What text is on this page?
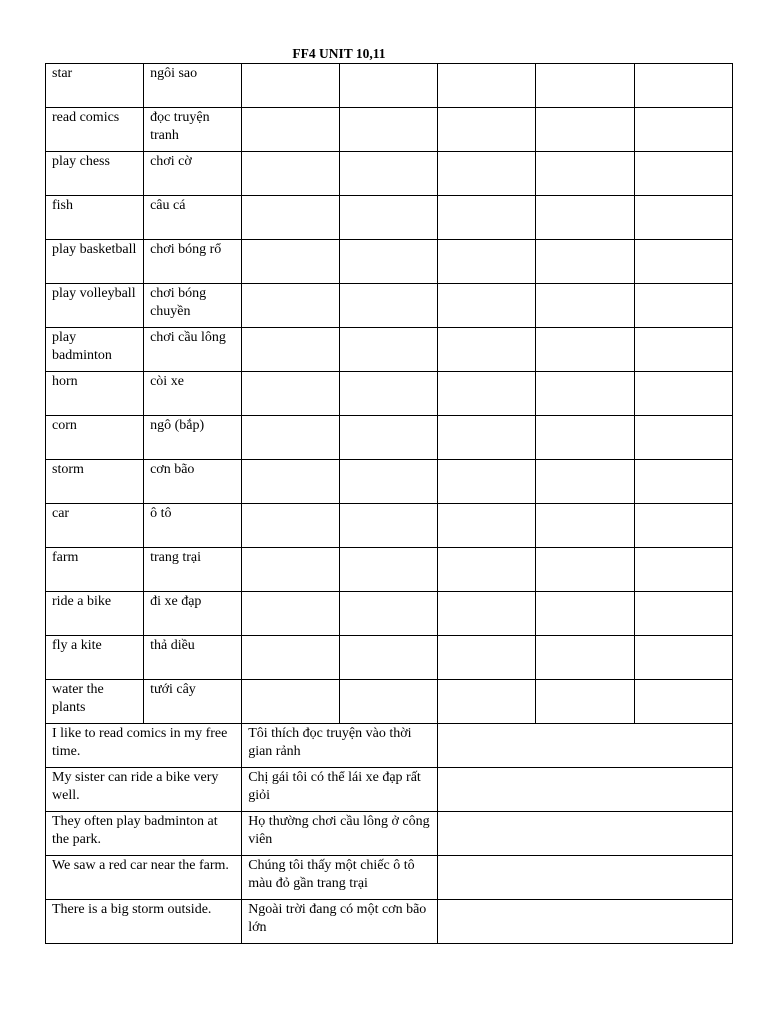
FF4 UNIT 10,11
star	ngôi sao					
read comics	đọc truyện tranh					
play chess	chơi cờ					
fish	câu cá					
play basketball	chơi bóng rổ					
play volleyball	chơi bóng chuyền					
play badminton	chơi cầu lông					
horn	còi xe					
corn	ngô (bắp)					
storm	cơn bão					
car	ô tô					
farm	trang trại					
ride a bike	đi xe đạp					
fly a kite	thả diều					
water the plants	tưới cây					
I like to read comics in my free time.		Tôi thích đọc truyện vào thời gian rảnh				
My sister can ride a bike very well.		Chị gái tôi có thể lái xe đạp rất giỏi				
They often play badminton at the park.		Họ thường chơi cầu lông ở công viên				
We saw a red car near the farm.		Chúng tôi thấy một chiếc ô tô màu đỏ gần trang trại				
There is a big storm outside.		Ngoài trời đang có một cơn bão lớn				
